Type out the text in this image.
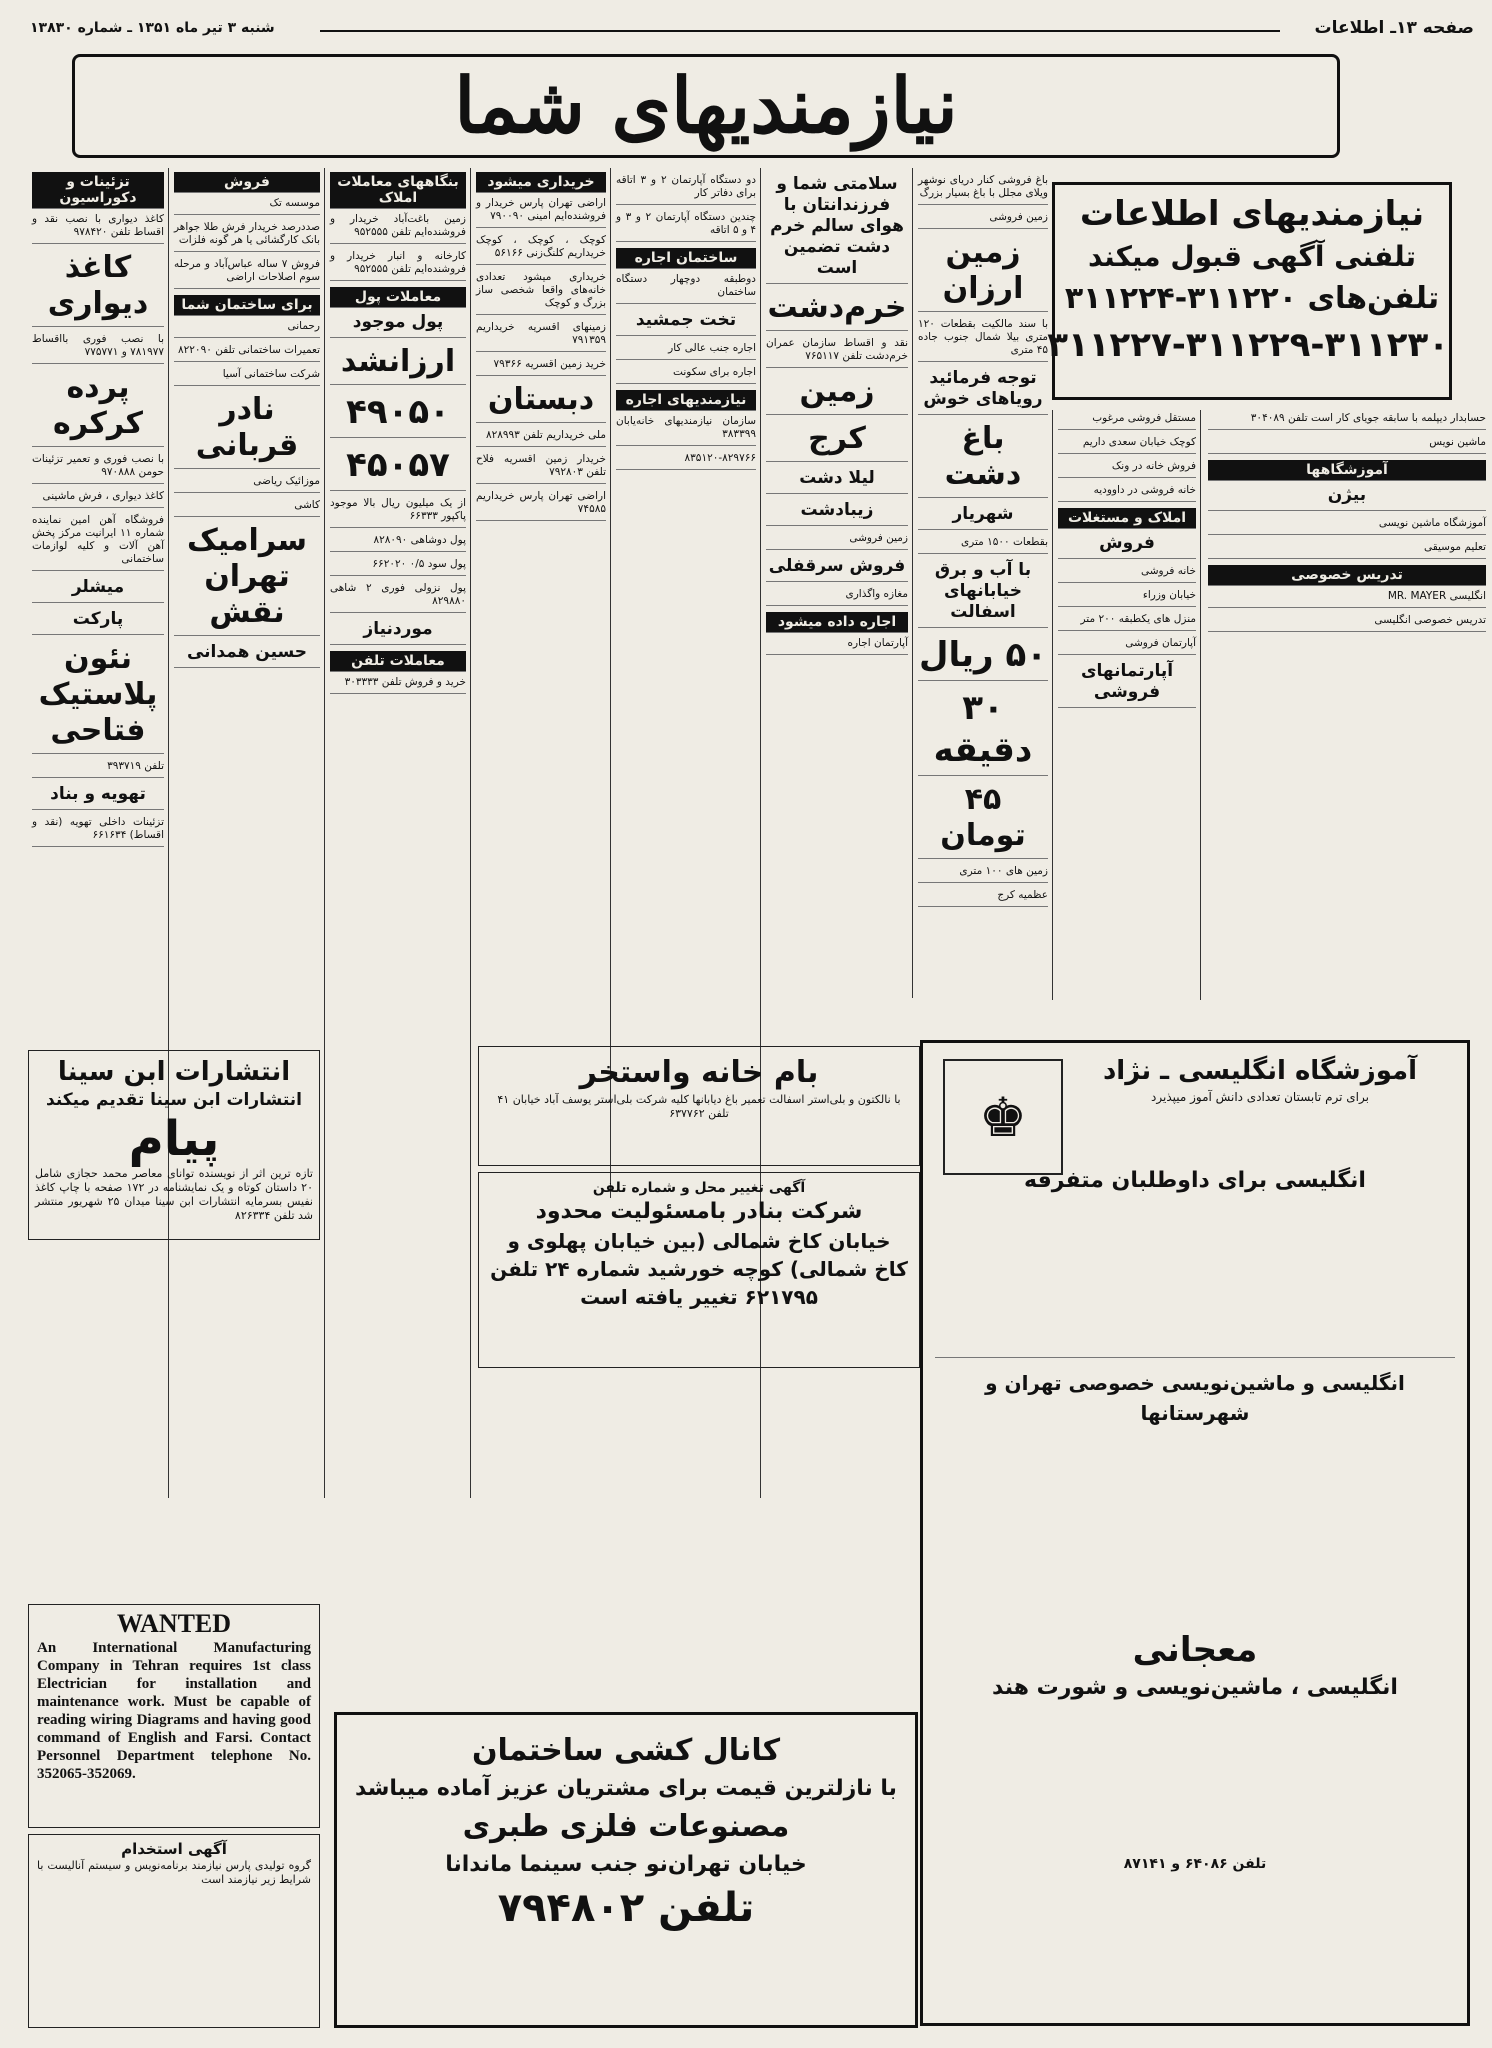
صفحه ۱۳ـ اطلاعات
شنبه ۳ تیر ماه ۱۳۵۱ ـ شماره ۱۳۸۳۰
نیازمندیهای شما
نیازمندیهای اطلاعات
تلفنی آگهی قبول میکند
تلفن‌های ۳۱۱۲۲۰-۳۱۱۲۲۴
۳۱۱۲۲۷-۳۱۱۲۲۹-۳۱۱۲۳۰
حسابدار دیپلمه با سابقه جویای کار است تلفن ۳۰۴۰۸۹
ماشین نویس
آموزشگاهها
بیژن
آموزشگاه ماشین نویسی
تعلیم موسیقی
تدریس خصوصی
انگلیسی MR. MAYER
تدریس خصوصی انگلیسی
مستقل فروشی مرغوب
کوچک خیابان سعدی داریم
فروش خانه در ونک
خانه فروشی در داوودیه
املاک و مستغلات
فروش
خانه فروشی
خیابان وزراء
منزل های یکطبقه ۲۰۰ متر
آپارتمان فروشی
آپارتمانهای فروشی
باغ فروشی کنار دریای نوشهر ویلای مجلل با باغ بسیار بزرگ
زمین فروشی
زمین ارزان
با سند مالکیت بقطعات ۱۲۰ متری بیلا شمال جنوب جاده ۴۵ متری
توجه فرمائید رویاهای خوش
باغ دشت
شهریار
بقطعات ۱۵۰۰ متری
با آب و برق خیابانهای اسفالت
۵۰ ریال
۳۰ دقیقه
۴۵ تومان
زمین های ۱۰۰ متری
عظمیه کرج
سلامتی شما و فرزندانتان با هوای سالم خرم دشت تضمین است
خرم‌دشت
نقد و اقساط سازمان عمران خرم‌دشت تلفن ۷۶۵۱۱۷
زمین
کرج
لیلا دشت
زیبادشت
زمین فروشی
فروش سرقفلی
مغازه واگذاری
اجاره داده میشود
آپارتمان اجاره
دو دستگاه آپارتمان ۲ و ۳ اتاقه برای دفاتر کار
چندین دستگاه آپارتمان ۲ و ۳ و ۴ و ۵ اتاقه
ساختمان اجاره
دوطبقه دوچهار دستگاه ساختمان
تخت جمشید
اجاره جنب عالی کار
اجاره برای سکونت
نیازمندیهای اجاره
سازمان نیازمندیهای خانه‌یابان ۳۸۳۳۹۹
۸۳۵۱۲۰-۸۲۹۷۶۶
خریداری میشود
اراضی تهران پارس خریدار و فروشنده‌ایم امینی ۷۹۰۰۹۰
کوچک ، کوچک ، کوچک خریداریم کلنگ‌زنی ۵۶۱۶۶
خریداری میشود تعدادی خانه‌های واقعا شخصی ساز بزرگ و کوچک
زمینهای اقسریه خریداریم ۷۹۱۳۵۹
خرید زمین اقسریه ۷۹۳۶۶
دبستان
ملی خریداریم تلفن ۸۲۸۹۹۳
خریدار زمین اقسریه فلاح تلفن ۷۹۲۸۰۳
اراضی تهران پارس خریداریم ۷۴۵۸۵
بنگاههای معاملات املاک
زمین باغت‌آباد خریدار و فروشنده‌ایم تلفن ۹۵۲۵۵۵
کارخانه و انبار خریدار و فروشنده‌ایم تلفن ۹۵۲۵۵۵
معاملات پول
پول موجود
ارزانشد
۴۹۰۵۰
۴۵۰۵۷
از یک میلیون ریال بالا موجود پاکپور ۶۶۳۳۳
پول دوشاهی ۸۲۸۰۹۰
پول سود ۰/۵ ۶۶۲۰۲۰
پول نزولی فوری ۲ شاهی ۸۲۹۸۸۰
موردنیاز
معاملات تلفن
خرید و فروش تلفن ۳۰۳۳۳۳
فروش
موسسه تک
صددرصد خریدار فرش طلا جواهر بانک کارگشائی یا هر گونه فلزات
فروش ۷ ساله عباس‌آباد و مرحله سوم اصلاحات اراضی
برای ساختمان شما
رحمانی
تعمیرات ساختمانی تلفن ۸۲۲۰۹۰
شرکت ساختمانی آسیا
نادر قربانی
موزائیک ریاضی
کاشی
سرامیک تهران نقش
حسین همدانی
تزئینات و دکوراسیون
کاغذ دیواری با نصب نقد و اقساط تلفن ۹۷۸۴۲۰
کاغذ دیواری
با نصب فوری بااقساط ۷۸۱۹۷۷ و ۷۷۵۷۷۱
پرده کرکره
با نصب فوری و تعمیر تزئینات حومن ۹۷۰۸۸۸
کاغذ دیواری ، فرش ماشینی
فروشگاه آهن امین نماینده شماره ۱۱ ایرانیت مرکز پخش آهن آلات و کلیه لوازمات ساختمانی
میشلر
پارکت
نئون پلاستیک فتاحی
تلفن ۳۹۳۷۱۹
تهویه و بناد
تزئینات داخلی تهویه (نقد و اقساط) ۶۶۱۶۳۴
انتشارات ابن سینا
انتشارات ابن سینا تقدیم میکند
پیام
تازه ترین اثر از نویسنده توانای معاصر محمد حجازی شامل ۲۰ داستان کوتاه و یک نمایشنامه در ۱۷۲ صفحه با چاپ کاغذ نفیس بسرمایه انتشارات ابن سینا میدان ۲۵ شهریور منتشر شد تلفن ۸۲۶۳۳۴
WANTED
An International Manufacturing Company in Tehran requires 1st class Electrician for installation and maintenance work. Must be capable of reading wiring Diagrams and having good command of English and Farsi. Contact Personnel Department telephone No. 352065-352069.
آگهی استخدام
گروه تولیدی پارس نیازمند برنامه‌نویس و سیستم آنالیست با شرایط زیر نیازمند است
بام خانه واستخر
با نالکتون و بلی‌استر اسفالت تعمیر باغ دیابانها کلیه شرکت بلی‌استر یوسف آباد خیابان ۴۱ تلفن ۶۳۷۷۶۲
آگهی تغییر محل و شماره تلفن
شرکت بنادر بامسئولیت محدود
خیابان کاخ شمالی (بین خیابان پهلوی و کاخ شمالی) کوچه خورشید شماره ۲۴ تلفن ۶۲۱۷۹۵ تغییر یافته است
کانال کشی ساختمان
با نازلترین قیمت برای مشتریان عزیز آماده میباشد
مصنوعات فلزی طبری
خیابان تهران‌نو جنب سینما ماندانا
تلفن ۷۹۴۸۰۲
♚
آموزشگاه انگلیسی ـ نژاد
برای ترم تابستان تعدادی دانش آموز میپذیرد
انگلیسی برای داوطلبان متفرقه
انگلیسی و ماشین‌نویسی خصوصی تهران و شهرستانها
معجانی
انگلیسی ، ماشین‌نویسی و شورت هند
تلفن ۶۴۰۸۶ و ۸۷۱۴۱
